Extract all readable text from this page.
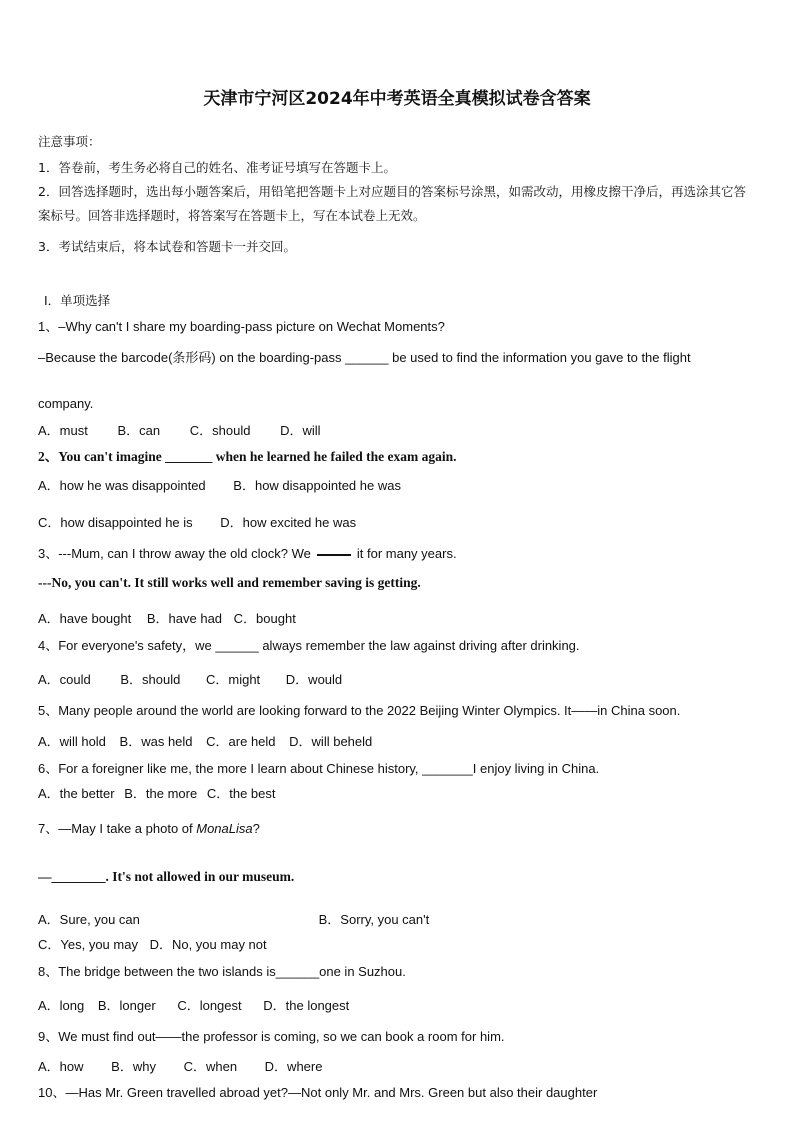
天津市宁河区2024年中考英语全真模拟试卷含答案
注意事项：
1．答卷前，考生务必将自己的姓名、准考证号填写在答题卡上。
2．回答选择题时，选出每小题答案后，用铅笔把答题卡上对应题目的答案标号涂黑，如需改动，用橡皮擦干净后，再选涂其它答案标号。回答非选择题时，将答案写在答题卡上，写在本试卷上无效。
3．考试结束后，将本试卷和答题卡一并交回。
Ⅰ．单项选择
1、–Why can't I share my boarding-pass picture on Wechat Moments?
–Because the barcode(条形码) on the boarding-pass ______ be used to find the information you gave to the flight
company.
A．must B．can C．should D．will
2、You can't imagine _______ when he learned he failed the exam again.
A．how he was disappointed B．how disappointed he was
C．how disappointed he is D．how excited he was
3、---Mum, can I throw away the old clock? We	it for many years.
---No, you can't. It still works well and remember saving is getting.
A．have bought B．have had C．bought
4、For everyone's safety，we ______ always remember the law against driving after drinking.
A．could B．should C．might D．would
5、Many people around the world are looking forward to the 2022 Beijing Winter Olympics. It——in China soon.
A．will hold B．was held C．are held D．will beheld
6、For a foreigner like me, the more I learn about Chinese history, _______I enjoy living in China.
A．the better B．the more C．the best
7、—May I take a photo of MonaLisa?
—________. It's not allowed in our museum.
A．Sure, you can	B．Sorry, you can't
C．Yes, you may D．No, you may not
8、The bridge between the two islands is______one in Suzhou.
A．long B．longer C．longest D．the longest
9、We must find out——the professor is coming, so we can book a room for him.
A．how B．why C．when D．where
10、—Has Mr. Green travelled abroad yet?—Not only Mr. and Mrs. Green but also their daughter
